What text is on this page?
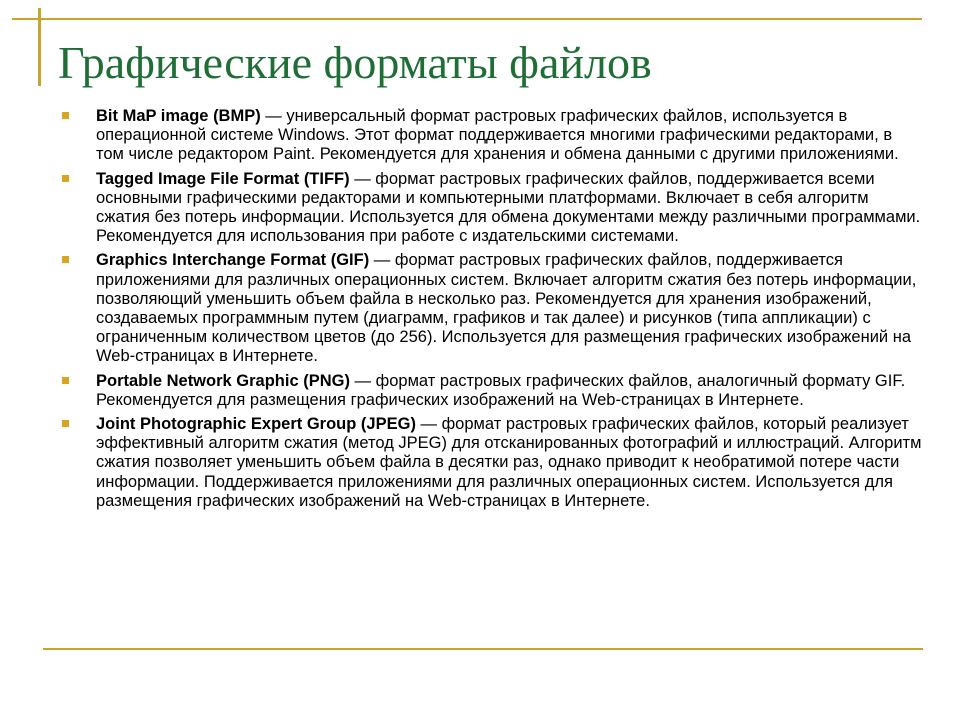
Графические форматы файлов
Bit MaP image (BMP) — универсальный формат растровых графических файлов, используется в операционной системе Windows. Этот формат поддерживается многими графическими редакторами, в том числе редактором Paint. Рекомендуется для хранения и обмена данными с другими приложениями.
Tagged Image File Format (TIFF) — формат растровых графических файлов, поддерживается всеми основными графическими редакторами и компьютерными платформами. Включает в себя алгоритм сжатия без потерь информации. Используется для обмена документами между различными программами. Рекомендуется для использования при работе с издательскими системами.
Graphics Interchange Format (GIF) — формат растровых графических файлов, поддерживается приложениями для различных операционных систем. Включает алгоритм сжатия без потерь информации, позволяющий уменьшить объем файла в несколько раз. Рекомендуется для хранения изображений, создаваемых программным путем (диаграмм, графиков и так далее) и рисунков (типа аппликации) с ограниченным количеством цветов (до 256). Используется для размещения графических изображений на Web-страницах в Интернете.
Portable Network Graphic (PNG) — формат растровых графических файлов, аналогичный формату GIF. Рекомендуется для размещения графических изображений на Web-страницах в Интернете.
Joint Photographic Expert Group (JPEG) — формат растровых графических файлов, который реализует эффективный алгоритм сжатия (метод JPEG) для отсканированных фотографий и иллюстраций. Алгоритм сжатия позволяет уменьшить объем файла в десятки раз, однако приводит к необратимой потере части информации. Поддерживается приложениями для различных операционных систем. Используется для размещения графических изображений на Web-страницах в Интернете.
